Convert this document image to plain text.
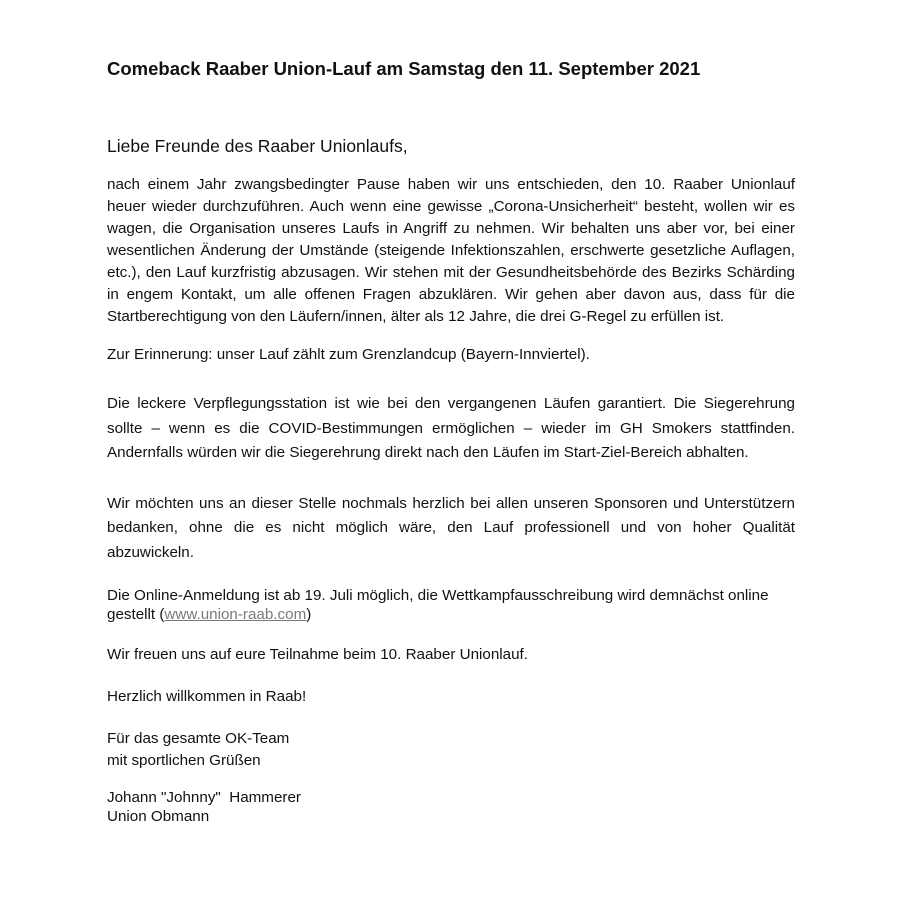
Comeback Raaber Union-Lauf am Samstag den 11. September 2021

Liebe Freunde des Raaber Unionlaufs,

nach einem Jahr zwangsbedingter Pause haben wir uns entschieden, den 10. Raaber Unionlauf heuer wieder durchzuführen. Auch wenn eine gewisse „Corona-Unsicherheit“ besteht, wollen wir es wagen, die Organisation unseres Laufs in Angriff zu nehmen. Wir behalten uns aber vor, bei einer wesentlichen Änderung der Umstände (steigende Infektionszahlen, erschwerte gesetzliche Auflagen, etc.), den Lauf kurzfristig abzusagen. Wir stehen mit der Gesundheitsbehörde des Bezirks Schärding in engem Kontakt, um alle offenen Fragen abzuklären. Wir gehen aber davon aus, dass für die Startberechtigung von den Läufern/innen, älter als 12 Jahre, die drei G-Regel zu erfüllen ist.

Zur Erinnerung: unser Lauf zählt zum Grenzlandcup (Bayern-Innviertel).

Die leckere Verpflegungsstation ist wie bei den vergangenen Läufen garantiert. Die Siegerehrung sollte – wenn es die COVID-Bestimmungen ermöglichen – wieder im GH Smokers stattfinden. Andernfalls würden wir die Siegerehrung direkt nach den Läufen im Start-Ziel-Bereich abhalten.

Wir möchten uns an dieser Stelle nochmals herzlich bei allen unseren Sponsoren und Unterstützern bedanken, ohne die es nicht möglich wäre, den Lauf professionell und von hoher Qualität abzuwickeln.

Die Online-Anmeldung ist ab 19. Juli möglich, die Wettkampfausschreibung wird demnächst online gestellt (www.union-raab.com)

Wir freuen uns auf eure Teilnahme beim 10. Raaber Unionlauf.

Herzlich willkommen in Raab!

Für das gesamte OK-Team
mit sportlichen Grüßen

Johann "Johnny"  Hammerer
Union Obmann
